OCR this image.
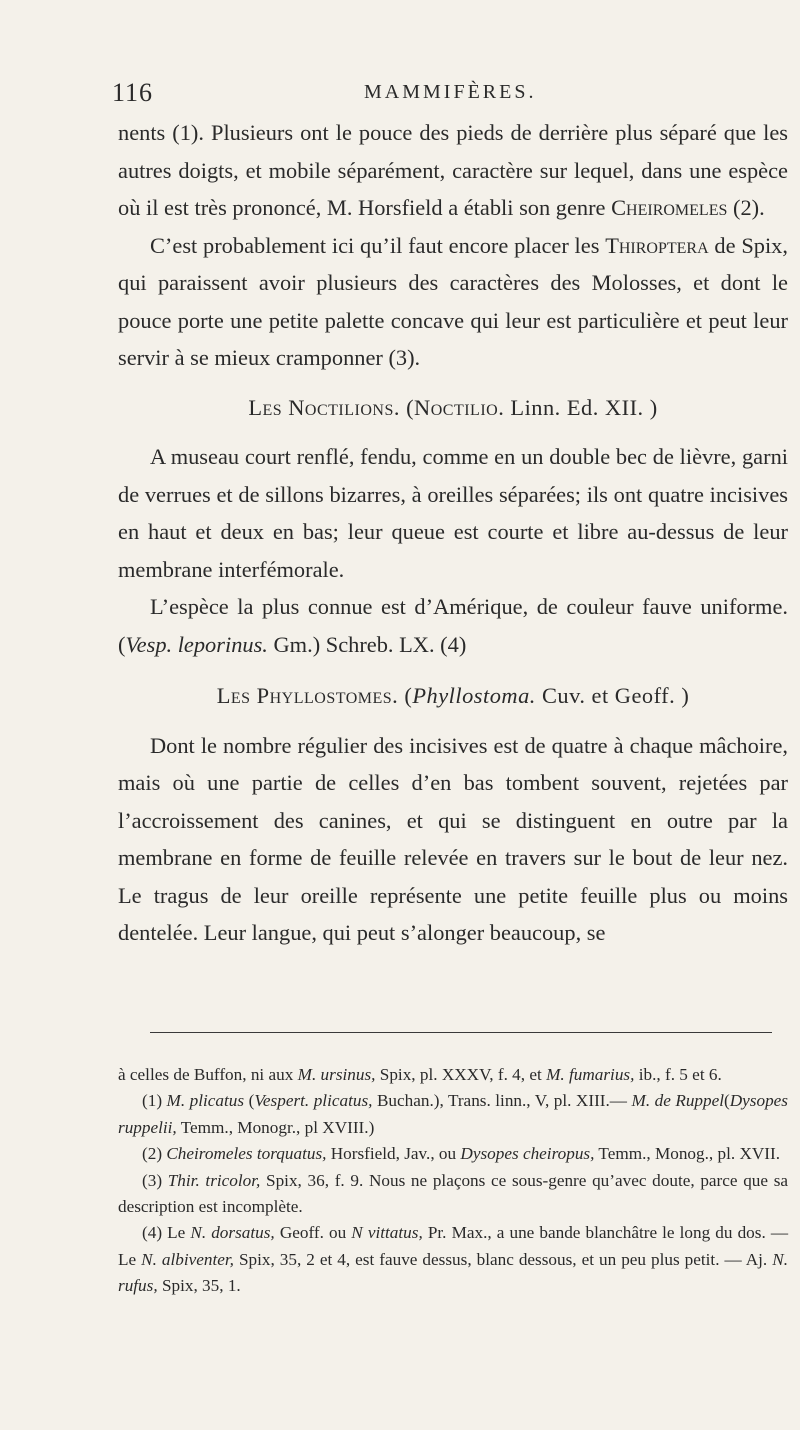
116	MAMMIFÈRES.

nents (1). Plusieurs ont le pouce des pieds de derrière plus séparé que les autres doigts, et mobile séparément, caractère sur lequel, dans une espèce où il est très prononcé, M. Horsfield a établi son genre Cheiromeles (2).

C’est probablement ici qu’il faut encore placer les Thiroptera de Spix, qui paraissent avoir plusieurs des caractères des Molosses, et dont le pouce porte une petite palette concave qui leur est particulière et peut leur servir à se mieux cramponner (3).

Les Noctilions. (Noctilio. Linn. Ed. XII. )

A museau court renflé, fendu, comme en un double bec de lièvre, garni de verrues et de sillons bizarres, à oreilles séparées; ils ont quatre incisives en haut et deux en bas; leur queue est courte et libre au-dessus de leur membrane interfémorale.

L’espèce la plus connue est d’Amérique, de couleur fauve uniforme. (Vesp. leporinus. Gm.) Schreb. LX. (4)

Les Phyllostomes. (Phyllostoma. Cuv. et Geoff. )

Dont le nombre régulier des incisives est de quatre à chaque mâchoire, mais où une partie de celles d’en bas tombent souvent, rejetées par l’accroissement des canines, et qui se distinguent en outre par la membrane en forme de feuille relevée en travers sur le bout de leur nez. Le tragus de leur oreille représente une petite feuille plus ou moins dentelée. Leur langue, qui peut s’alonger beaucoup, se

à celles de Buffon, ni aux M. ursinus, Spix, pl. XXXV, f. 4, et M. fumarius, ib., f. 5 et 6.

(1) M. plicatus (Vespert. plicatus, Buchan.), Trans. linn., V, pl. XIII.— M. de Ruppel(Dysopes ruppelii, Temm., Monogr., pl XVIII.)

(2) Cheiromeles torquatus, Horsfield, Jav., ou Dysopes cheiropus, Temm., Monog., pl. XVII.

(3) Thir. tricolor, Spix, 36, f. 9. Nous ne plaçons ce sous-genre qu’avec doute, parce que sa description est incomplète.

(4) Le N. dorsatus, Geoff. ou N vittatus, Pr. Max., a une bande blanchâtre le long du dos. — Le N. albiventer, Spix, 35, 2 et 4, est fauve dessus, blanc dessous, et un peu plus petit. — Aj. N. rufus, Spix, 35, 1.
